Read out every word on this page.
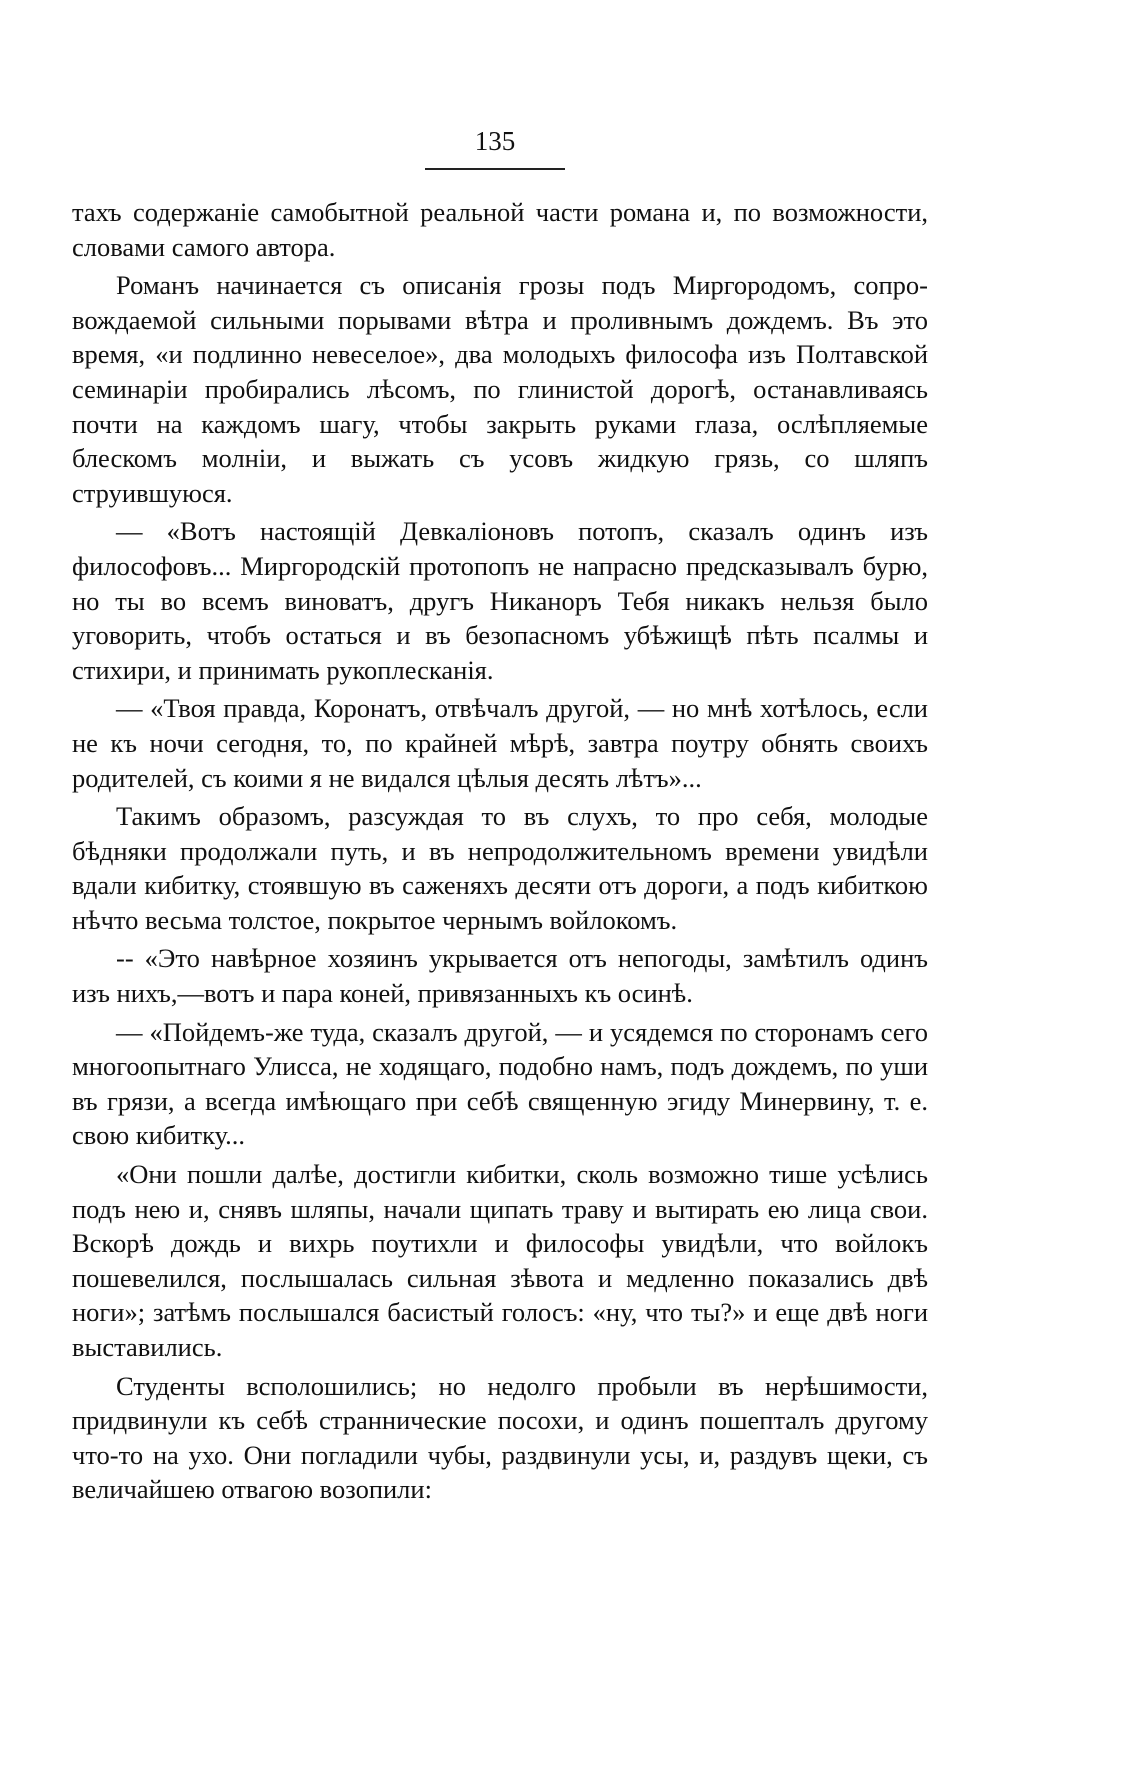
135

тахъ содержаніе самобытной реальной части романа и, по возможности, словами самого автора.

Романъ начинается съ описанія грозы подъ Миргородомъ, сопровождаемой сильными порывами вѣтра и проливнымъ дождемъ. Въ это время, «и подлинно невеселое», два молодыхъ философа изъ Полтавской семинаріи пробирались лѣсомъ, по глинистой дорогѣ, останавливаясь почти на каждомъ шагу, чтобы закрыть руками глаза, ослѣпляемые блескомъ молніи, и выжать съ усовъ жидкую грязь, со шляпъ струившуюся.

— «Вотъ настоящій Девкаліоновъ потопъ, сказалъ одинъ изъ философовъ... Миргородскій протопопъ не напрасно предсказывалъ бурю, но ты во всемъ виноватъ, другъ Никаноръ Тебя никакъ нельзя было уговорить, чтобъ остаться и въ безопасномъ убѣжищѣ пѣть псалмы и стихири, и принимать рукоплесканія.

— «Твоя правда, Коронатъ, отвѣчалъ другой, — но мнѣ хотѣлось, если не къ ночи сегодня, то, по крайней мѣрѣ, завтра поутру обнять своихъ родителей, съ коими я не видался цѣлыя десять лѣтъ»...

Такимъ образомъ, разсуждая то въ слухъ, то про себя, молодые бѣдняки продолжали путь, и въ непродолжительномъ времени увидѣли вдали кибитку, стоявшую въ саженяхъ десяти отъ дороги, а подъ кибиткою нѣчто весьма толстое, покрытое чернымъ войлокомъ.

-- «Это навѣрное хозяинъ укрывается отъ непогоды, замѣтилъ одинъ изъ нихъ,—вотъ и пара коней, привязанныхъ къ осинѣ.

— «Пойдемъ-же туда, сказалъ другой, — и усядемся по сторонамъ сего многоопытнаго Улисса, не ходящаго, подобно намъ, подъ дождемъ, по уши въ грязи, а всегда имѣющаго при себѣ священную эгиду Минервину, т. е. свою кибитку...

«Они пошли далѣе, достигли кибитки, сколь возможно тише усѣлись подъ нею и, снявъ шляпы, начали щипать траву и вытирать ею лица свои. Вскорѣ дождь и вихрь поутихли и философы увидѣли, что войлокъ пошевелился, послышалась сильная зѣвота и медленно показались двѣ ноги»; затѣмъ послышался басистый голосъ: «ну, что ты?» и еще двѣ ноги выставились.

Студенты всполошились; но недолго пробыли въ нерѣшимости, придвинули къ себѣ страннические посохи, и одинъ пошепталъ другому что-то на ухо. Они погладили чубы, раздвинули усы, и, раздувъ щеки, съ величайшею отвагою возопили:
